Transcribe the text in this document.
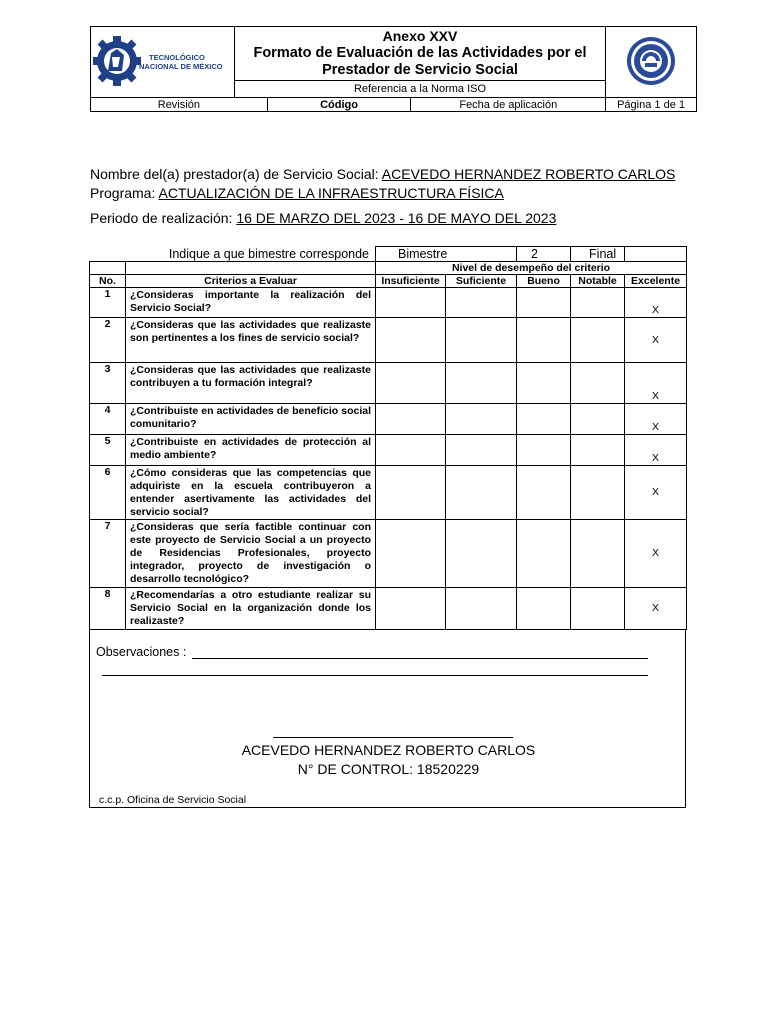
TECNOLÓGICO
NACIONAL DE MÉXICO

Anexo XXV
Formato de Evaluación de las Actividades por el
Prestador de Servicio Social

Referencia a la Norma ISO
Revisión	Código	Fecha de aplicación	Página 1 de 1
Nombre del(a) prestador(a) de Servicio Social: ACEVEDO HERNANDEZ ROBERTO CARLOS
Programa: ACTUALIZACIÓN DE LA INFRAESTRUCTURA FÍSICA
Periodo de realización: 16 DE MARZO DEL 2023 - 16 DE MAYO DEL 2023
Indique a que bimestre corresponde		Bimestre		2	Final	
		Nivel de desempeño del criterio				
No.	Criterios a Evaluar	Insuficiente	Suficiente	Bueno	Notable	Excelente
1	¿Consideras importante la realización del Servicio Social?					X
2	¿Consideras que las actividades que realizaste son pertinentes a los fines de servicio social?					X
3	¿Consideras que las actividades que realizaste contribuyen a tu formación integral?					X
4	¿Contribuiste en actividades de beneficio social comunitario?					X
5	¿Contribuiste en actividades de protección al medio ambiente?					X
6	¿Cómo consideras que las competencias que adquiriste en la escuela contribuyeron a entender asertivamente las actividades del servicio social?					X
7	¿Consideras que sería factible continuar con este proyecto de Servicio Social a un proyecto de Residencias Profesionales, proyecto integrador, proyecto de investigación o desarrollo tecnológico?					X
8	¿Recomendarías a otro estudiante realizar su Servicio Social en la organización donde los realizaste?					X
Observaciones :
ACEVEDO HERNANDEZ ROBERTO CARLOS
N° DE CONTROL: 18520229
c.c.p. Oficina de Servicio Social
